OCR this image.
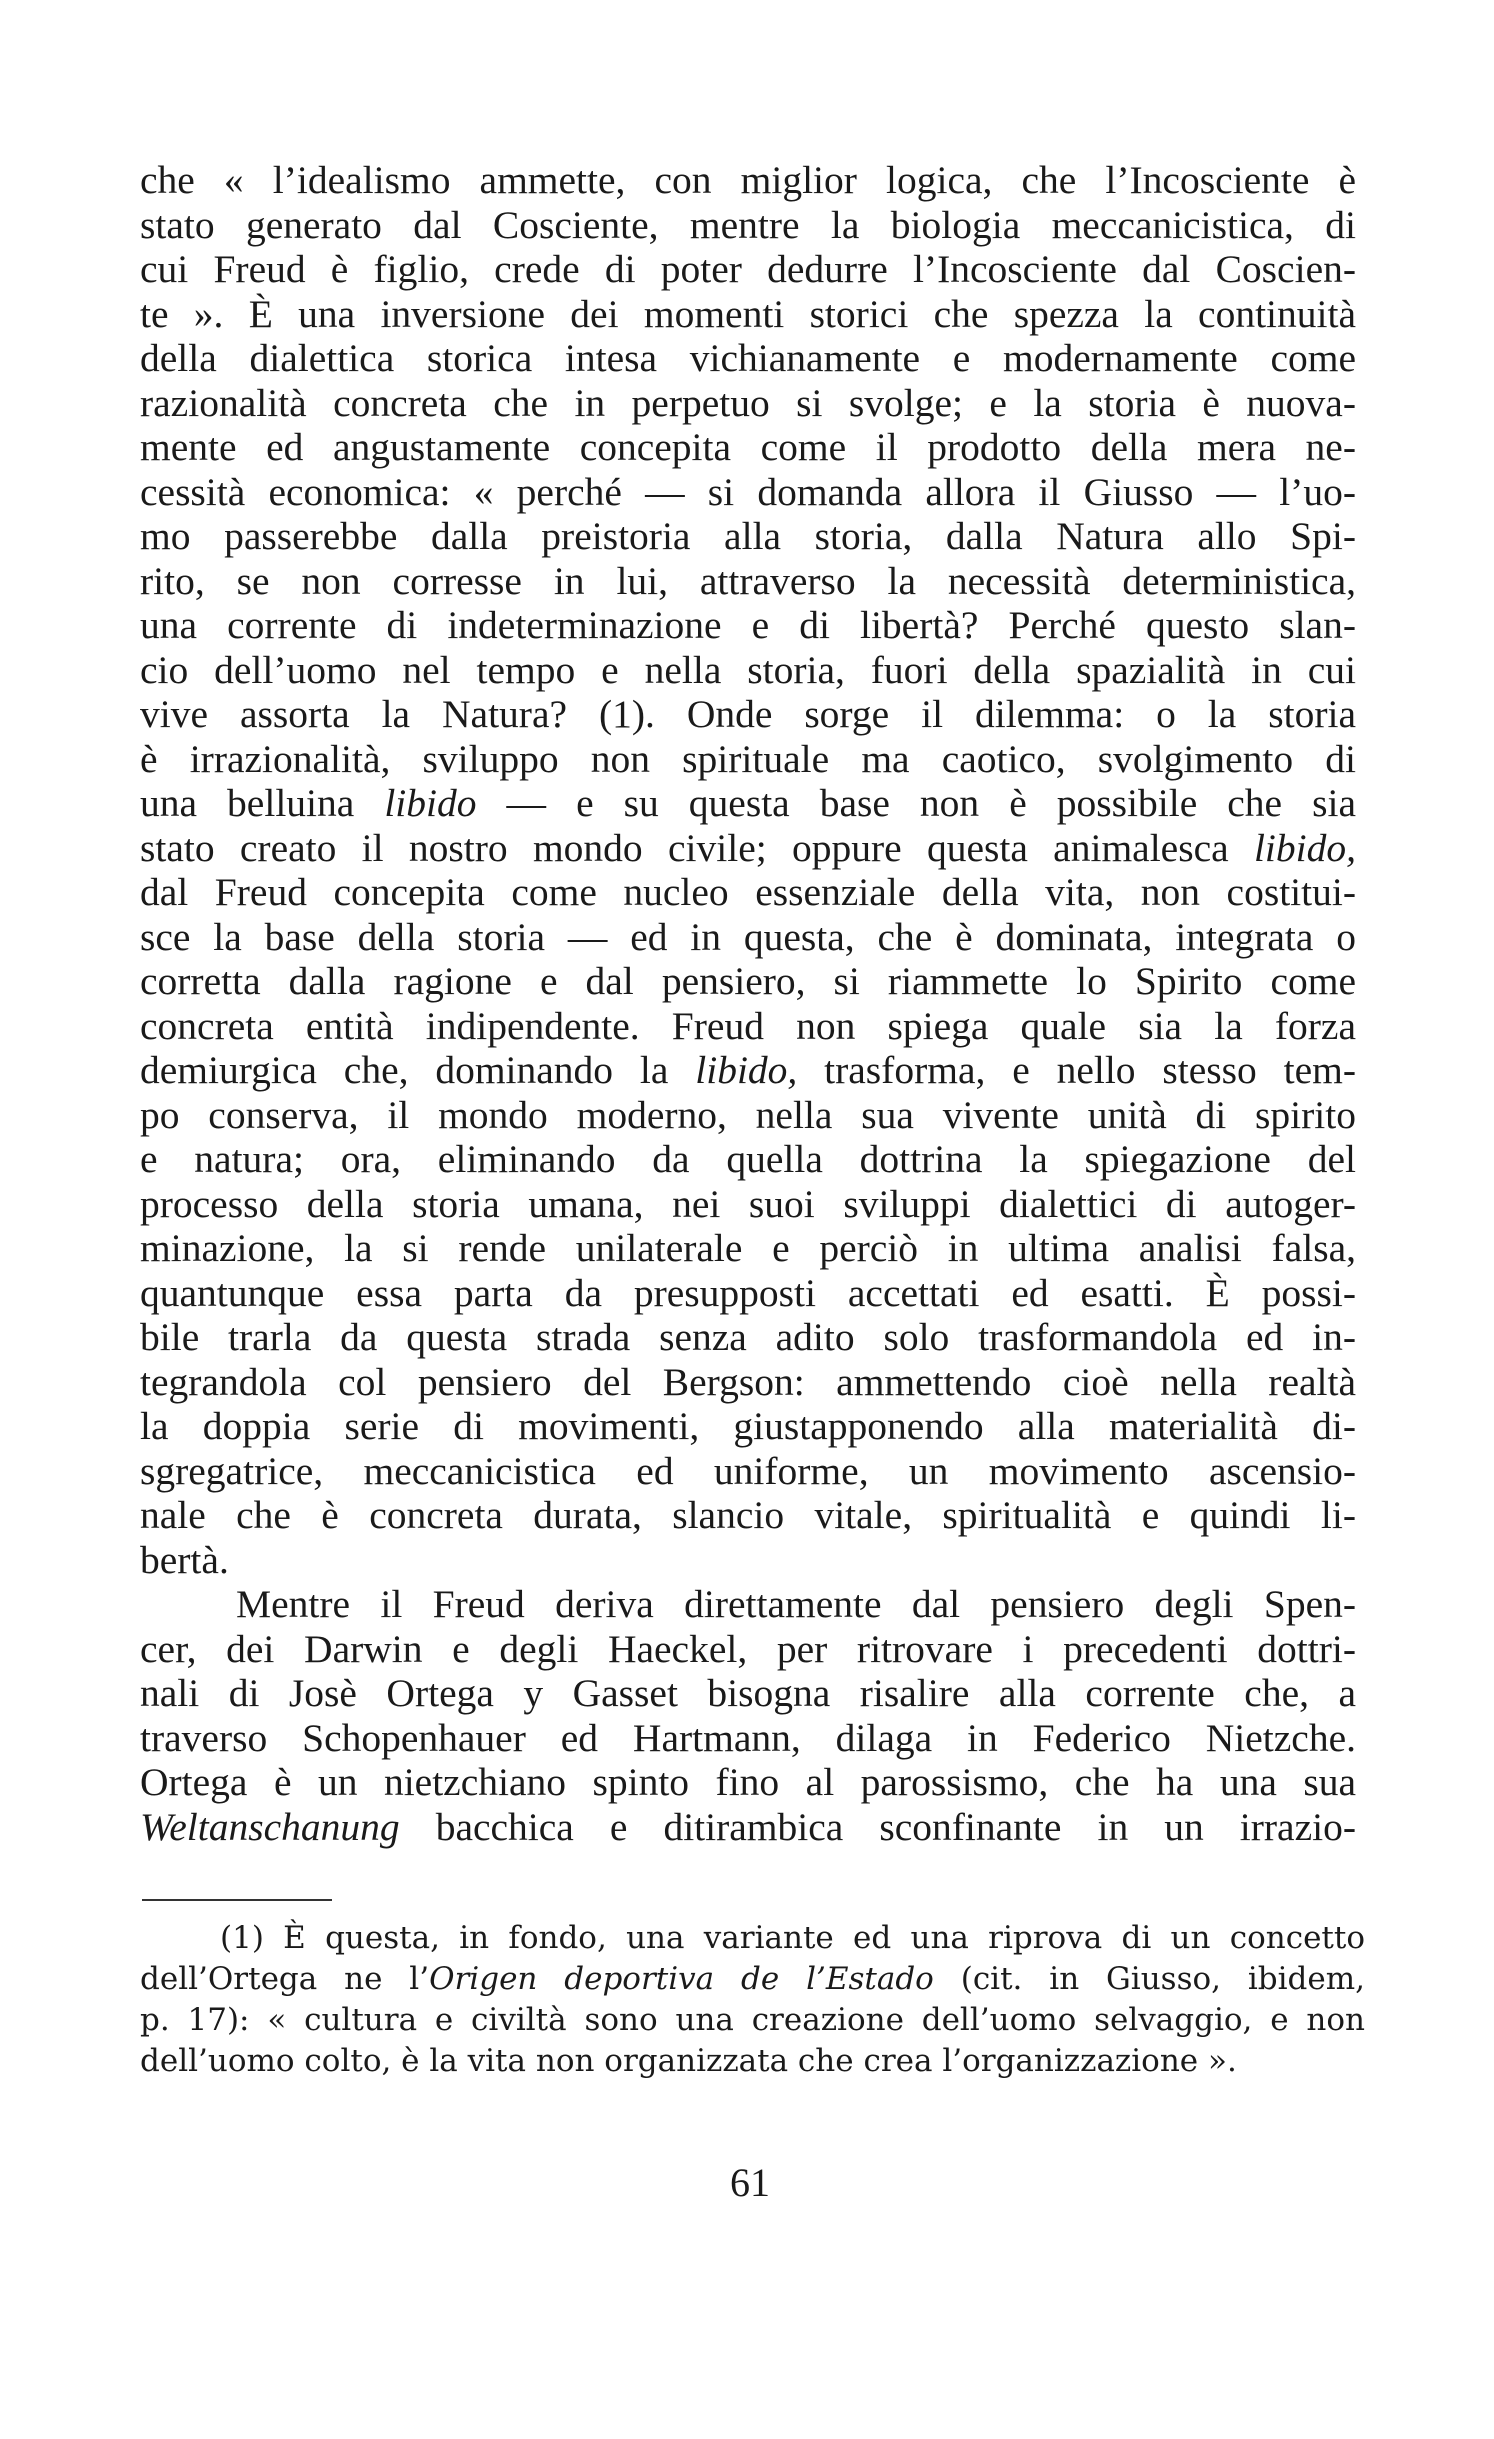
che « l’idealismo ammette, con miglior logica, che l’Incosciente è
stato generato dal Cosciente, mentre la biologia meccanicistica, di
cui Freud è figlio, crede di poter dedurre l’Incosciente dal Coscien-
te ». È una inversione dei momenti storici che spezza la continuità
della dialettica storica intesa vichianamente e modernamente come
razionalità concreta che in perpetuo si svolge; e la storia è nuova-
mente ed angustamente concepita come il prodotto della mera ne-
cessità economica: « perché — si domanda allora il Giusso — l’uo-
mo passerebbe dalla preistoria alla storia, dalla Natura allo Spi-
rito, se non corresse in lui, attraverso la necessità deterministica,
una corrente di indeterminazione e di libertà? Perché questo slan-
cio dell’uomo nel tempo e nella storia, fuori della spazialità in cui
vive assorta la Natura? (1). Onde sorge il dilemma: o la storia
è irrazionalità, sviluppo non spirituale ma caotico, svolgimento di
una belluina libido — e su questa base non è possibile che sia
stato creato il nostro mondo civile; oppure questa animalesca libido,
dal Freud concepita come nucleo essenziale della vita, non costitui-
sce la base della storia — ed in questa, che è dominata, integrata o
corretta dalla ragione e dal pensiero, si riammette lo Spirito come
concreta entità indipendente. Freud non spiega quale sia la forza
demiurgica che, dominando la libido, trasforma, e nello stesso tem-
po conserva, il mondo moderno, nella sua vivente unità di spirito
e natura; ora, eliminando da quella dottrina la spiegazione del
processo della storia umana, nei suoi sviluppi dialettici di autoger-
minazione, la si rende unilaterale e perciò in ultima analisi falsa,
quantunque essa parta da presupposti accettati ed esatti. È possi-
bile trarla da questa strada senza adito solo trasformandola ed in-
tegrandola col pensiero del Bergson: ammettendo cioè nella realtà
la doppia serie di movimenti, giustapponendo alla materialità di-
sgregatrice, meccanicistica ed uniforme, un movimento ascensio-
nale che è concreta durata, slancio vitale, spiritualità e quindi li-
bertà.
Mentre il Freud deriva direttamente dal pensiero degli Spen-
cer, dei Darwin e degli Haeckel, per ritrovare i precedenti dottri-
nali di Josè Ortega y Gasset bisogna risalire alla corrente che, a
traverso Schopenhauer ed Hartmann, dilaga in Federico Nietzche.
Ortega è un nietzchiano spinto fino al parossismo, che ha una sua
Weltanschanung bacchica e ditirambica sconfinante in un irrazio-
(1) È questa, in fondo, una variante ed una riprova di un concetto
dell’Ortega ne l’Origen deportiva de l’Estado (cit. in Giusso, ibidem,
p. 17): « cultura e civiltà sono una creazione dell’uomo selvaggio, e non
dell’uomo colto, è la vita non organizzata che crea l’organizzazione ».
61
